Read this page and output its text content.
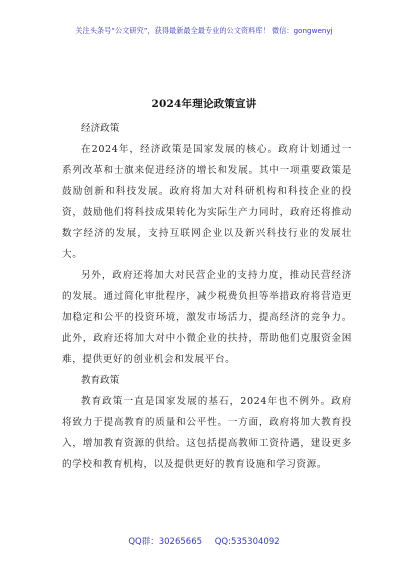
关注头条号“公文研究”，获得最新最全最专业的公文资料库！ 微信：gongwenyj
2024年理论政策宣讲

经济政策

在2024年，经济政策是国家发展的核心。政府计划通过一系列改革和士旗来促进经济的增长和发展。其中一项重要政策是鼓励创新和科技发展。政府将加大对科研机构和科技企业的投资，鼓励他们将科技成果转化为实际生产力同时，政府还将推动数字经济的发展，支持互联网企业以及新兴科技行业的发展壮大。

另外，政府还将加大对民营企业的支持力度，推动民营经济的发展。通过简化审批程序，减少税费负担等举措政府将营造更加稳定和公平的投资环境，激发市场活力，提高经济的竞争力。此外，政府还将加大对中小微企业的扶持，帮助他们克服资金困难，提供更好的创业机会和发展平台。

教育政策

教育政策一直是国家发展的基石，2024年也不例外。政府将致力于提高教育的质量和公平性。一方面，政府将加大教育投入，增加教育资源的供给。这包括提高教师工资待遇，建设更多的学校和教育机构，以及提供更好的教育设施和学习资源。

QQ群：30265665 QQ:535304092
